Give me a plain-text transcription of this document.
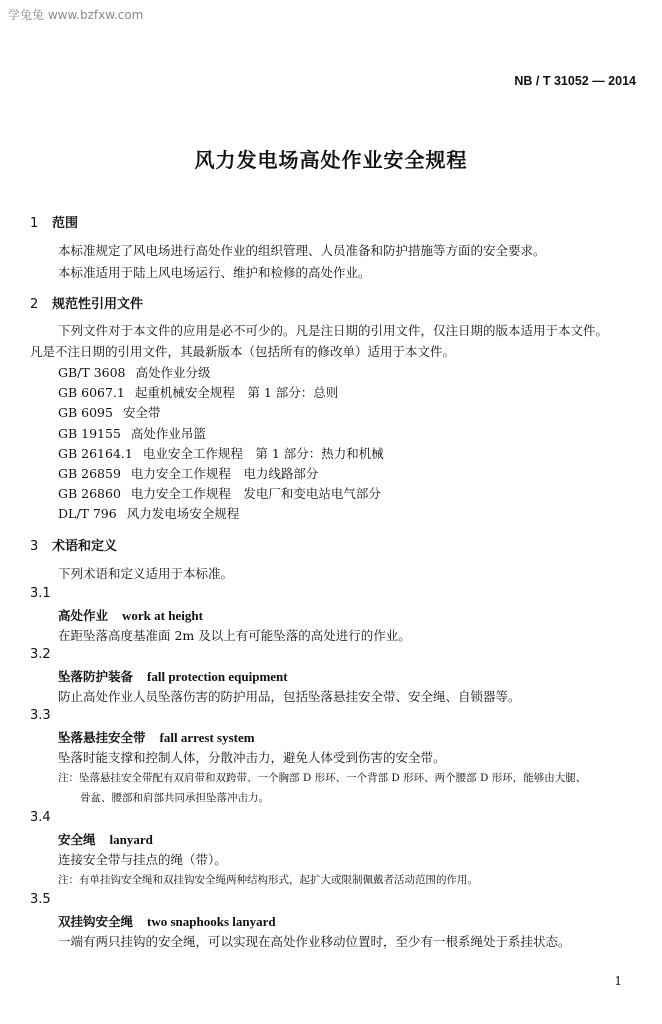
学兔兔 www.bzfxw.com
NB / T 31052 — 2014
风力发电场高处作业安全规程
1 范围
本标准规定了风电场进行高处作业的组织管理、人员准备和防护措施等方面的安全要求。
本标准适用于陆上风电场运行、维护和检修的高处作业。
2 规范性引用文件
下列文件对于本文件的应用是必不可少的。凡是注日期的引用文件，仅注日期的版本适用于本文件。
凡是不注日期的引用文件，其最新版本（包括所有的修改单）适用于本文件。
GB/T 3608 高处作业分级
GB 6067.1 起重机械安全规程　第 1 部分：总则
GB 6095 安全带
GB 19155 高处作业吊篮
GB 26164.1 电业安全工作规程　第 1 部分：热力和机械
GB 26859 电力安全工作规程　电力线路部分
GB 26860 电力安全工作规程　发电厂和变电站电气部分
DL/T 796 风力发电场安全规程
3 术语和定义
下列术语和定义适用于本标准。
3.1
高处作业 work at height
在距坠落高度基准面 2m 及以上有可能坠落的高处进行的作业。
3.2
坠落防护装备 fall protection equipment
防止高处作业人员坠落伤害的防护用品，包括坠落悬挂安全带、安全绳、自锁器等。
3.3
坠落悬挂安全带 fall arrest system
坠落时能支撑和控制人体，分散冲击力，避免人体受到伤害的安全带。
注：坠落悬挂安全带配有双肩带和双跨带、一个胸部 D 形环、一个背部 D 形环、两个腰部 D 形环，能够由大腿、
骨盆、腰部和肩部共同承担坠落冲击力。
3.4
安全绳 lanyard
连接安全带与挂点的绳（带）。
注：有单挂钩安全绳和双挂钩安全绳两种结构形式，起扩大或限制佩戴者活动范围的作用。
3.5
双挂钩安全绳 two snaphooks lanyard
一端有两只挂钩的安全绳，可以实现在高处作业移动位置时，至少有一根系绳处于系挂状态。
1
